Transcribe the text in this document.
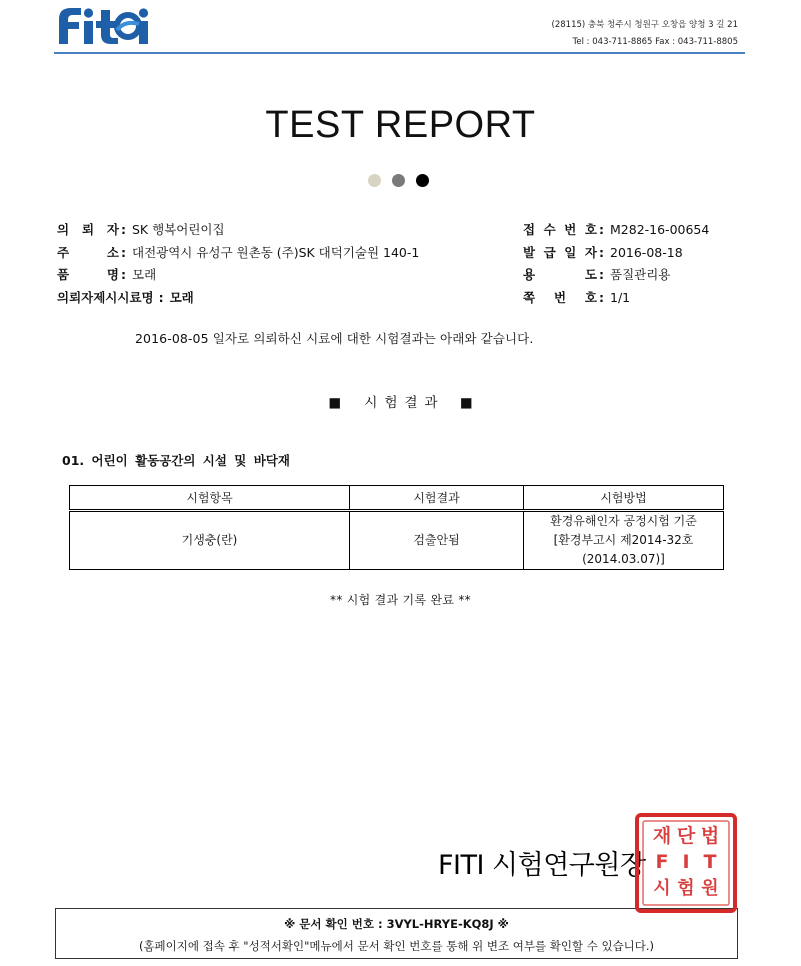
(28115) 충북 청주시 청원구 오창읍 양청 3 길 21
Tel : 043-711-8865 Fax : 043-711-8805
TEST REPORT
의 뢰 자 : SK 행복어린이집
주	소 : 대전광역시 유성구 원촌동 (주)SK 대덕기술원 140-1
품	명 : 모래
의뢰자제시시료명 : 모래
접 수 번 호 : M282-16-00654
발 급 일 자 : 2016-08-18
용	도 : 품질관리용
쪽 번 호 : 1/1
2016-08-05 일자로 의뢰하신 시료에 대한 시험결과는 아래와 같습니다.
■ 시험결과 ■
01. 어린이 활동공간의 시설 및 바닥재
시험항목	시험결과	시험방법
기생충(란)	검출안됨	환경유해인자 공정시험 기준
[환경부고시 제2014-32호
(2014.03.07)]
** 시험 결과 기록 완료 **
FITI 시험연구원장
재 단 법
F I T
시 험 원
※ 문서 확인 번호 : 3VYL-HRYE-KQ8J ※
(홈페이지에 접속 후 "성적서확인"메뉴에서 문서 확인 번호를 통해 위 변조 여부를 확인할 수 있습니다.)
